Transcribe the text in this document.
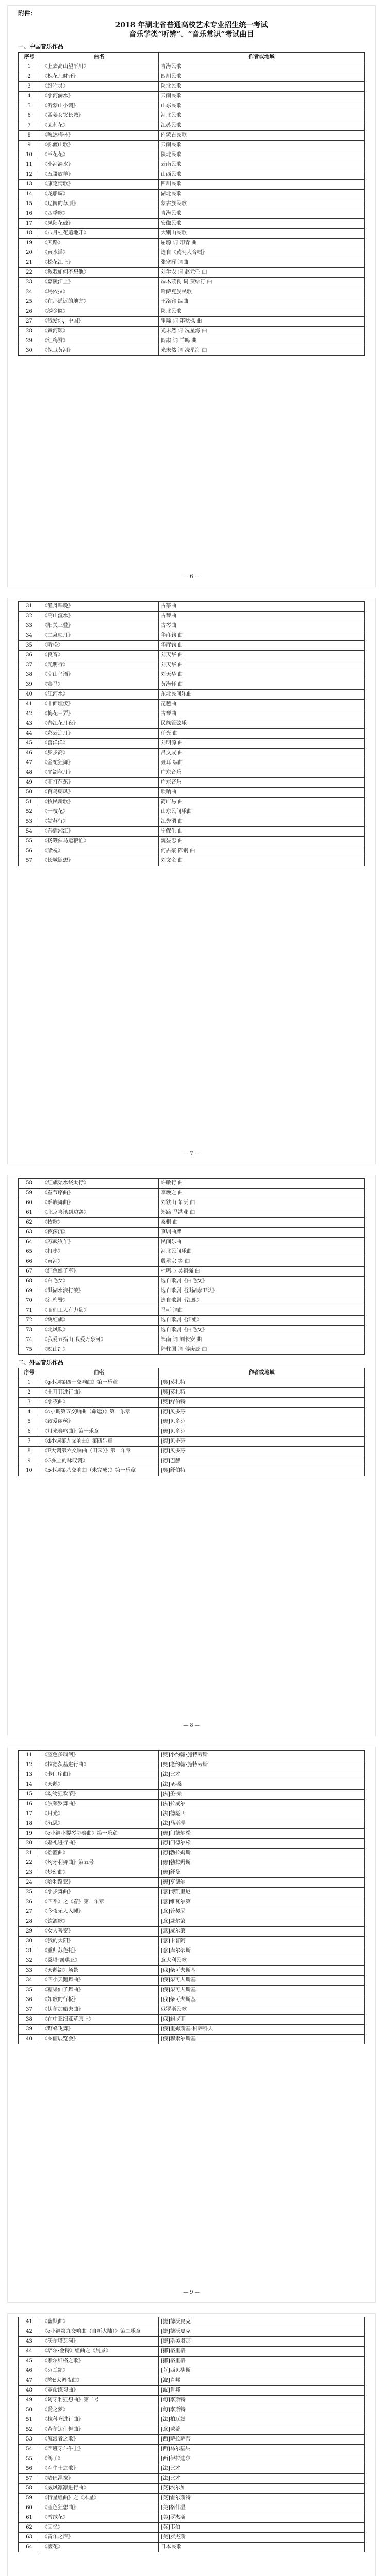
附件：
2018 年湖北省普通高校艺术专业招生统一考试
音乐学类“听辨”、“音乐常识”考试曲目
一、中国音乐作品
序号	曲名	作者或地域
1	《上去高山望平川》	青海民歌
2	《槐花几时开》	四川民歌
3	《赶牲灵》	陕北民歌
4	《小河淌水》	云南民歌
5	《沂蒙山小调》	山东民歌
6	《孟姜女哭长城》	河北民歌
7	《茉莉花》	江苏民歌
8	《嘎达梅林》	内蒙古民歌
9	《弥渡山歌》	云南民歌
10	《兰花花》	陕北民歌
11	《小河淌水》	云南民歌
12	《五哥放羊》	山西民歌
13	《康定情歌》	四川民歌
14	《龙船调》	湖北民歌
15	《辽阔的草原》	蒙古族民歌
16	《四季歌》	青海民歌
17	《凤阳花鼓》	安徽民歌
18	《八月桂花遍地开》	大别山民歌
19	《天路》	屈塬 词 印青 曲
20	《黄水谣》	选自《黄河大合唱》
21	《松花江上》	张寒晖 词曲
22	《教我如何不想他》	刘半农 词 赵元任 曲
23	《嘉陵江上》	端木蕻良 词 贺绿汀 曲
24	《玛依拉》	哈萨克族民歌
25	《在那遥远的地方》	王洛宾 编曲
26	《绣金匾》	陕北民歌
27	《我爱你，中国》	瞿琮 词 郑秋枫 曲
28	《黄河颂》	光未然 词 冼星海 曲
29	《红梅赞》	阎肃 词 羊鸣 曲
30	《保卫黄河》	光未然 词 冼星海 曲
— 6 —
31	《渔舟唱晚》	古筝曲
32	《高山流水》	古琴曲
33	《阳关三叠》	古琴曲
34	《二泉映月》	华彦钧 曲
35	《听松》	华彦钧 曲
36	《良宵》	刘天华 曲
37	《光明行》	刘天华 曲
38	《空山鸟语》	刘天华 曲
39	《赛马》	黄海怀 曲
40	《江河水》	东北民间乐曲
41	《十面埋伏》	琵琶曲
42	《梅花三弄》	古琴曲
43	《春江花月夜》	民族管弦乐
44	《彩云追月》	任光 曲
45	《喜洋洋》	刘明源 曲
46	《步步高》	吕文成 曲
47	《金蛇狂舞》	聂耳 编曲
48	《平湖秋月》	广东音乐
49	《雨打芭蕉》	广东音乐
50	《百鸟朝凤》	唢呐曲
51	《牧民新歌》	简广易 曲
52	《一枝花》	山东民间乐曲
53	《姑苏行》	江先渭 曲
54	《春到湘江》	宁保生 曲
55	《扬鞭催马运粮忙》	魏显忠 曲
56	《梁祝》	何占豪 陈钢 曲
57	《长城随想》	刘文金 曲
— 7 —
58	《红旗渠水绕太行》	许敬行 曲
59	《春节序曲》	李焕之 曲
60	《瑶族舞曲》	刘铁山 茅沅 曲
61	《北京喜讯到边寨》	郑路 马洪业 曲
62	《牧歌》	桑桐 曲
63	《夜深沉》	京剧曲牌
64	《苏武牧羊》	民间乐曲
65	《打枣》	河北民间乐曲
66	《黄河》	殷承宗 等 曲
67	《红色娘子军》	杜鸣心 吴祖强 曲
68	《白毛女》	选自歌剧《白毛女》
69	《洪湖水浪打浪》	选自歌剧《洪湖赤卫队》
70	《红梅赞》	选自歌剧《江姐》
71	《咱们工人有力量》	马可 词曲
72	《绣红旗》	选自歌剧《江姐》
73	《北风吹》	选自歌剧《白毛女》
74	《我爱五指山 我爱万泉河》	郑南 词 刘长安 曲
75	《映山红》	陆柱国 词 傅庚辰 曲
二、外国音乐作品
序号	曲名	作者或地域
1	《g小调第四十交响曲》第一乐章	[奥]莫扎特
2	《土耳其进行曲》	[奥]莫扎特
3	《小夜曲》	[奥]舒伯特
4	《c小调第五交响曲（命运）》第一乐章	[德]贝多芬
5	《致爱丽丝》	[德]贝多芬
6	《月光奏鸣曲》第一乐章	[德]贝多芬
7	《d小调第九交响曲》第四乐章	[德]贝多芬
8	《F大调第六交响曲（田园）》第一乐章	[德]贝多芬
9	《G弦上的咏叹调》	[德]巴赫
10	《b小调第八交响曲（未完成）》第一乐章	[奥]舒伯特
— 8 —
11	《蓝色多瑙河》	[奥]小约翰·施特劳斯
12	《拉德茨基进行曲》	[奥]老约翰·施特劳斯
13	《卡门序曲》	[法]比才
14	《天鹅》	[法]圣-桑
15	《动物狂欢节》	[法]圣-桑
16	《波莱罗舞曲》	[法]拉威尔
17	《月光》	[法]德彪西
18	《沉思》	[法]马斯涅
19	《e小调小提琴协奏曲》第一乐章	[德]门德尔松
20	《婚礼进行曲》	[德]门德尔松
21	《摇篮曲》	[德]勃拉姆斯
22	《匈牙利舞曲》第五号	[德]勃拉姆斯
23	《梦幻曲》	[德]舒曼
24	《哈利路亚》	[德]亨德尔
25	《小步舞曲》	[意]博凯里尼
26	《四季》之《春》第一乐章	[意]维瓦尔第
27	《今夜无人入睡》	[意]普契尼
28	《饮酒歌》	[意]威尔第
29	《女人善变》	[意]威尔第
30	《我的太阳》	[意]卡普阿
31	《重归苏莲托》	[意]库尔蒂斯
32	《桑塔·露琪亚》	意大利民歌
33	《天鹅湖》场景	[俄]柴可夫斯基
34	《四小天鹅舞曲》	[俄]柴可夫斯基
35	《糖果仙子舞曲》	[俄]柴可夫斯基
36	《如歌的行板》	[俄]柴可夫斯基
37	《伏尔加船夫曲》	俄罗斯民歌
38	《在中亚细亚草原上》	[俄]鲍罗丁
39	《野蜂飞舞》	[俄]里姆斯基-科萨科夫
40	《图画展览会》	[俄]穆索尔斯基
— 9 —
41	《幽默曲》	[捷]德沃夏克
42	《e小调第九交响曲（自新大陆）》第二乐章	[捷]德沃夏克
43	《沃尔塔瓦河》	[捷]斯美塔那
44	《培尔·金特》组曲之《晨景》	[挪]格里格
45	《索尔维格之歌》	[挪]格里格
46	《芬兰颂》	[芬]西贝柳斯
47	《降E大调夜曲》	[波]肖邦
48	《革命练习曲》	[波]肖邦
49	《匈牙利狂想曲》第二号	[匈]李斯特
50	《爱之梦》	[匈]李斯特
51	《拉科齐进行曲》	[法]柏辽兹
52	《查尔达什舞曲》	[意]蒙蒂
53	《流浪者之歌》	[西]萨拉萨蒂
54	《西班牙斗牛士》	[西]马尔基纳
55	《鸽子》	[西]伊拉迪尔
56	《斗牛士之歌》	[法]比才
57	《哈巴涅拉》	[法]比才
58	《威风凛凛进行曲》	[英]埃尔加
59	《行星组曲》之《木星》	[英]霍尔斯特
60	《蓝色狂想曲》	[美]格什温
61	《雪绒花》	[美]罗杰斯
62	《回忆》	[英]韦伯
63	《音乐之声》	[美]罗杰斯
64	《樱花》	日本民歌
